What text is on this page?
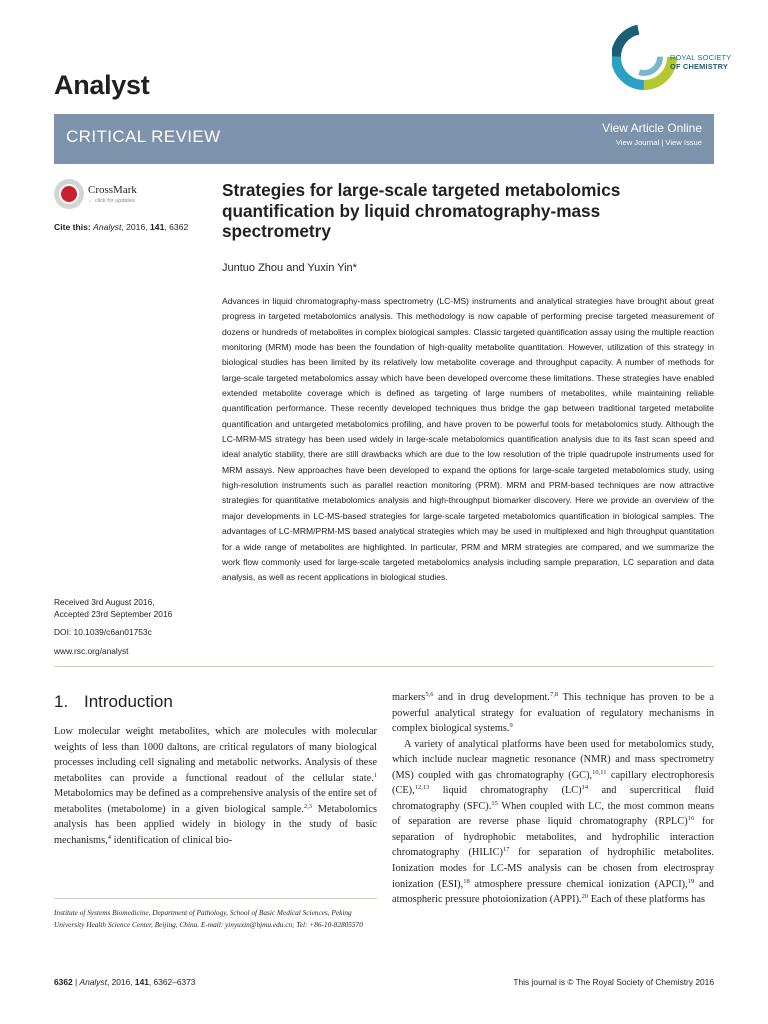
Analyst
ROYAL SOCIETY
OF CHEMISTRY
CRITICAL REVIEW	View Article Online
View Journal | View Issue
CrossMark
← click for updates
Cite this: Analyst, 2016, 141, 6362
Strategies for large-scale targeted metabolomics quantification by liquid chromatography-mass spectrometry
Juntuo Zhou and Yuxin Yin*
Advances in liquid chromatography-mass spectrometry (LC-MS) instruments and analytical strategies have brought about great progress in targeted metabolomics analysis. This methodology is now capable of performing precise targeted measurement of dozens or hundreds of metabolites in complex biological samples. Classic targeted quantification assay using the multiple reaction monitoring (MRM) mode has been the foundation of high-quality metabolite quantitation. However, utilization of this strategy in biological studies has been limited by its relatively low metabolite coverage and throughput capacity. A number of methods for large-scale targeted metabolomics assay which have been developed overcome these limitations. These strategies have enabled extended metabolite coverage which is defined as targeting of large numbers of metabolites, while maintaining reliable quantification performance. These recently developed techniques thus bridge the gap between traditional targeted metabolite quantification and untargeted metabolomics profiling, and have proven to be powerful tools for metabolomics study. Although the LC-MRM-MS strategy has been used widely in large-scale metabolomics quantification analysis due to its fast scan speed and ideal analytic stability, there are still drawbacks which are due to the low resolution of the triple quadrupole instruments used for MRM assays. New approaches have been developed to expand the options for large-scale targeted metabolomics study, using high-resolution instruments such as parallel reaction monitoring (PRM). MRM and PRM-based techniques are now attractive strategies for quantitative metabolomics analysis and high-throughput biomarker discovery. Here we provide an overview of the major developments in LC-MS-based strategies for large-scale targeted metabolomics quantification in biological samples. The advantages of LC-MRM/PRM-MS based analytical strategies which may be used in multiplexed and high throughput quantitation for a wide range of metabolites are highlighted. In particular, PRM and MRM strategies are compared, and we summarize the work flow commonly used for large-scale targeted metabolomics analysis including sample preparation, LC separation and data analysis, as well as recent applications in biological studies.
Received 3rd August 2016,
Accepted 23rd September 2016
DOI: 10.1039/c6an01753c
www.rsc.org/analyst
1. Introduction

Low molecular weight metabolites, which are molecules with molecular weights of less than 1000 daltons, are critical regulators of many biological processes including cell signaling and metabolic networks. Analysis of these metabolites can provide a functional readout of the cellular state.$^1$ Metabolomics may be defined as a comprehensive analysis of the entire set of metabolites (metabolome) in a given biological sample.$^{2,3}$ Metabolomics analysis has been applied widely in biology in the study of basic mechanisms,$^4$ identification of clinical bio-

markers$^{5,6}$ and in drug development.$^{7,8}$ This technique has proven to be a powerful analytical strategy for evaluation of regulatory mechanisms in complex biological systems.$^9$

A variety of analytical platforms have been used for metabolomics study, which include nuclear magnetic resonance (NMR) and mass spectrometry (MS) coupled with gas chromatography (GC),$^{10,11}$ capillary electrophoresis (CE),$^{12,13}$ liquid chromatography (LC)$^{14}$ and supercritical fluid chromatography (SFC).$^{15}$ When coupled with LC, the most common means of separation are reverse phase liquid chromatography (RPLC)$^{16}$ for separation of hydrophobic metabolites, and hydrophilic interaction chromatography (HILIC)$^{17}$ for separation of hydrophilic metabolites. Ionization modes for LC-MS analysis can be chosen from electrospray ionization (ESI),$^{18}$ atmosphere pressure chemical ionization (APCI),$^{19}$ and atmospheric pressure photoionization (APPI).$^{20}$ Each of these platforms has

Institute of Systems Biomedicine, Department of Pathology, School of Basic Medical Sciences, Peking University Health Science Center, Beijing, China. E-mail: yinyuxin@bjmu.edu.cn; Tel: +86-10-82805570
6362 | Analyst, 2016, 141, 6362–6373	This journal is © The Royal Society of Chemistry 2016
